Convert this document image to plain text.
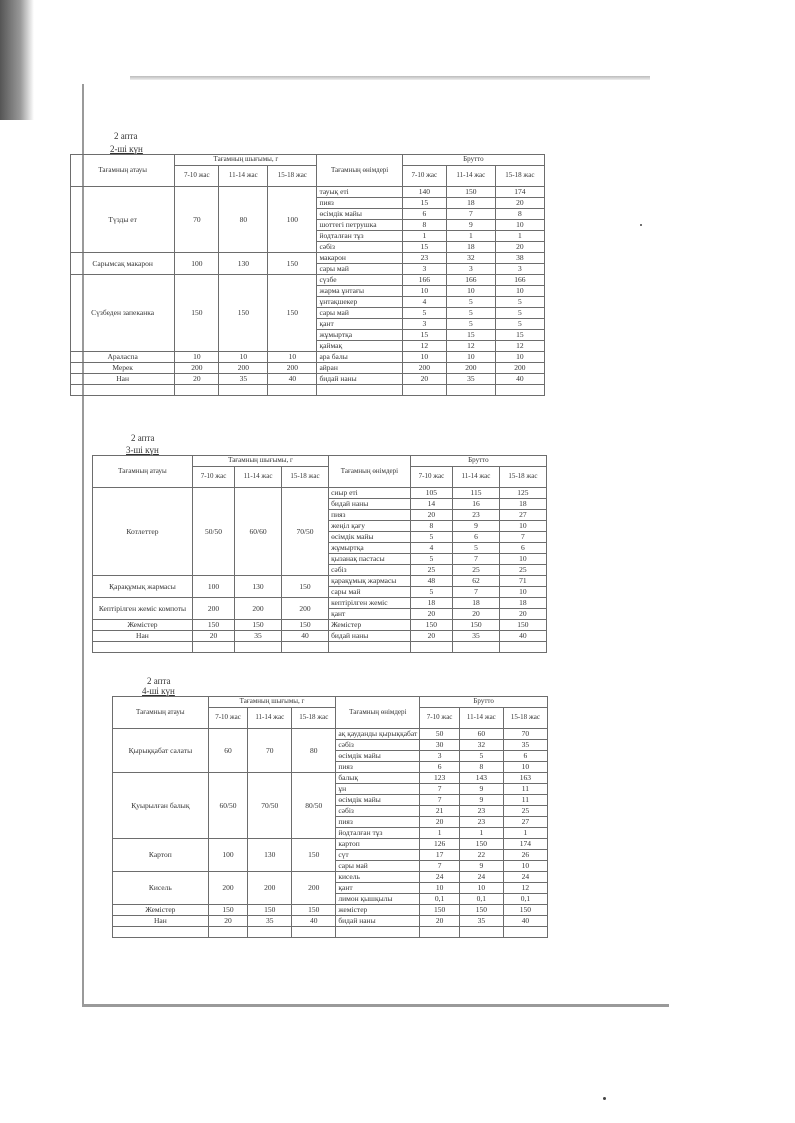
2 апта
2-ші күн
Тағамның атауы	Тағамның шығымы, г			Тағамның өнімдері	Брутто		
	7-10 жас	11-14 жас	15-18 жас		7-10 жас	11-14 жас	15-18 жас
Түзды ет	70	80	100	тауық еті	140	150	174
				пияз	15	18	20
				өсімдік майы	6	7	8
				шоттегі петрушка	8	9	10
				йодталған тұз	1	1	1
				сәбіз	15	18	20
Сарымсақ макарон	100	130	150	макарон	23	32	38
				сары май	3	3	3
Сүзбеден запеканка	150	150	150	сүзбе	166	166	166
				жарма ұнтағы	10	10	10
				ұнтақшекер	4	5	5
				сары май	5	5	5
				қант	3	5	5
				жұмыртқа	15	15	15
				қаймақ	12	12	12
Араласпа	10	10	10	ара балы	10	10	10
Мерек	200	200	200	айран	200	200	200
Нан	20	35	40	бидай наны	20	35	40

2 апта
3-ші күн
Тағамның атауы	Тағамның шығымы, г			Тағамның өнімдері	Брутто		
	7-10 жас	11-14 жас	15-18 жас		7-10 жас	11-14 жас	15-18 жас
Котлеттер	50/50	60/60	70/50	сиыр еті	105	115	125
				бидай наны	14	16	18
				пияз	20	23	27
				жеңіл қағу	8	9	10
				өсімдік майы	5	6	7
				жұмыртқа	4	5	6
				қызанақ пастасы	5	7	10
				сәбіз	25	25	25
Қарақұмық жармасы	100	130	150	қарақұмық жармасы	48	62	71
				сары май	5	7	10
Кептірілген жеміс компоты	200	200	200	кептірілген жеміс	18	18	18
				қант	20	20	20
Жемістер	150	150	150	Жемістер	150	150	150
Нан	20	35	40	бидай наны	20	35	40

2 апта
4-ші күн
Тағамның атауы	Тағамның шығымы, г			Тағамның өнімдері	Брутто		
	7-10 жас	11-14 жас	15-18 жас		7-10 жас	11-14 жас	15-18 жас
Қырыққабат салаты	60	70	80	ақ қауданды қырыққабат	50	60	70
				сәбіз	30	32	35
				өсімдік майы	3	5	6
				пияз	6	8	10
Қуырылған балық	60/50	70/50	80/50	балық	123	143	163
				ұн	7	9	11
				өсімдік майы	7	9	11
				сәбіз	21	23	25
				пияз	20	23	27
				йодталған тұз	1	1	1
Картоп	100	130	150	картоп	126	150	174
				сүт	17	22	26
				сары май	7	9	10
Кисель	200	200	200	кисель	24	24	24
				қант	10	10	12
				лимон қышқылы	0,1	0,1	0,1
Жемістер	150	150	150	жемістер	150	150	150
Нан	20	35	40	бидай наны	20	35	40
